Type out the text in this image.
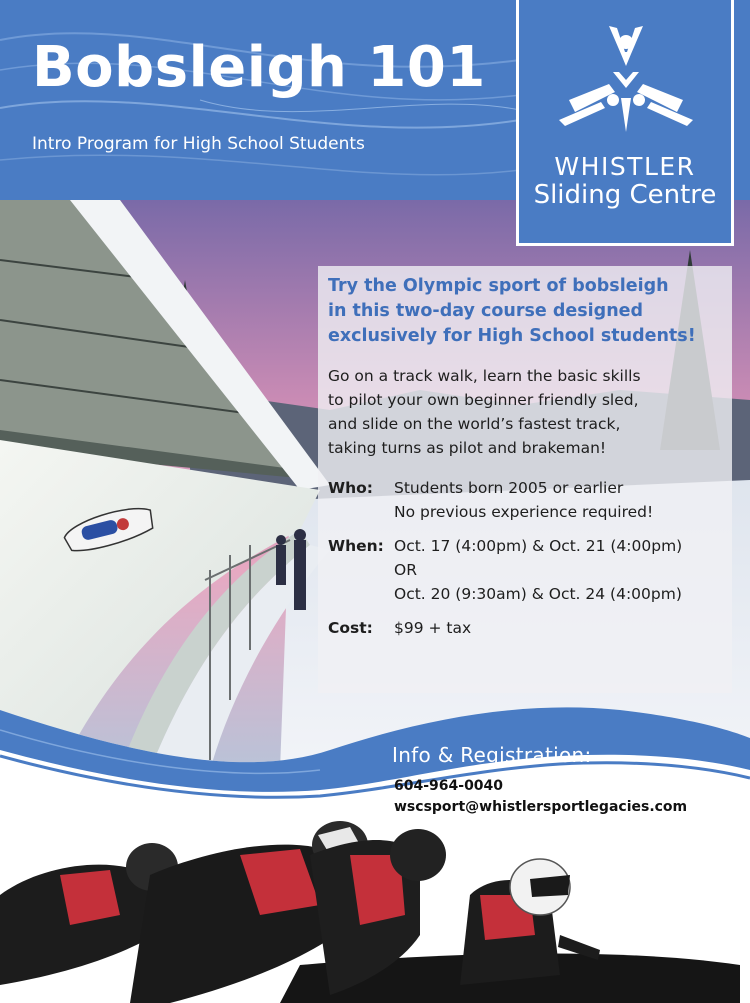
Bobsleigh 101
Intro Program for High School Students
WHISTLER
Sliding Centre
Try the Olympic sport of bobsleigh
in this two-day course designed
exclusively for High School students!
Go on a track walk, learn the basic skills
to pilot your own beginner friendly sled,
and slide on the world’s fastest track,
taking turns as pilot and brakeman!
Who:	Students born 2005 or earlier
No previous experience required!
When: Oct. 17 (4:00pm) & Oct. 21 (4:00pm)
OR
Oct. 20 (9:30am) & Oct. 24 (4:00pm)
Cost:	$99 + tax
Info & Registration:
604-964-0040
wscsport@whistlersportlegacies.com
